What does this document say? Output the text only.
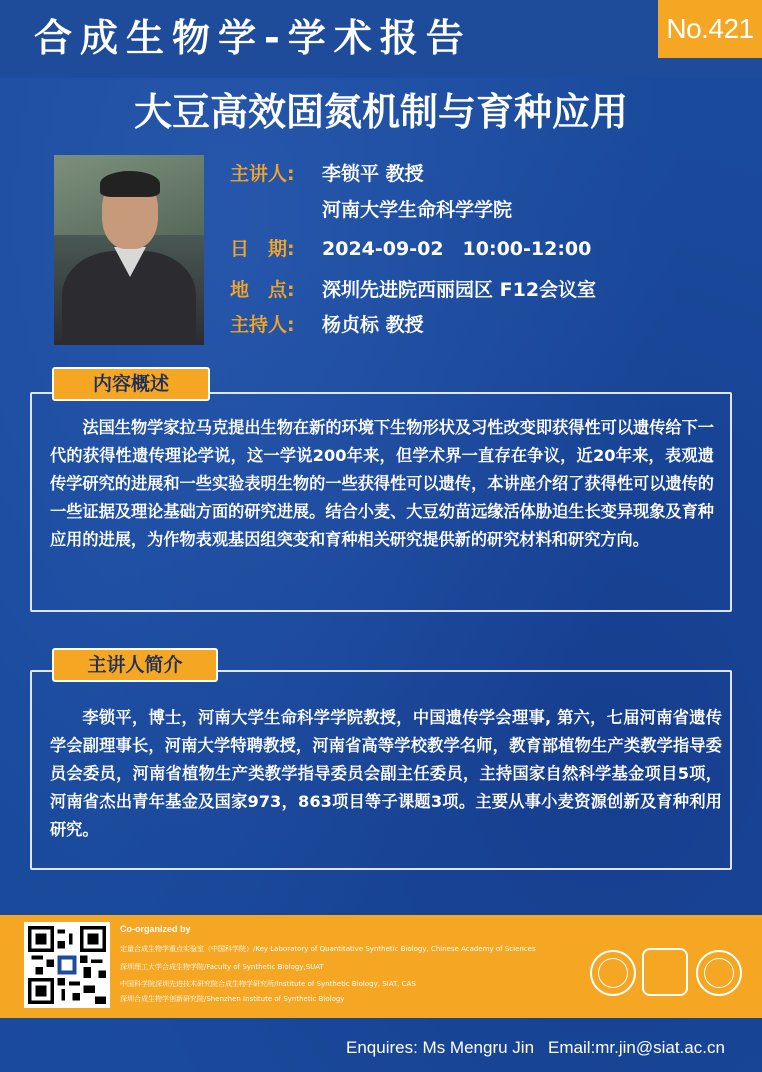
合成生物学-学术报告	No.421
大豆高效固氮机制与育种应用
主讲人: 李锁平 教授
河南大学生命科学学院
日　期: 2024-09-02　10:00-12:00
地　点: 深圳先进院西丽园区 F12会议室
主持人: 杨贞标 教授
内容概述
法国生物学家拉马克提出生物在新的环境下生物形状及习性改变即获得性可以遗传给下一代的获得性遗传理论学说，这一学说200年来，但学术界一直存在争议，近20年来，表观遗传学研究的进展和一些实验表明生物的一些获得性可以遗传，本讲座介绍了获得性可以遗传的一些证据及理论基础方面的研究进展。结合小麦、大豆幼苗远缘活体胁迫生长变异现象及育种应用的进展，为作物表观基因组突变和育种相关研究提供新的研究材料和研究方向。
主讲人简介
李锁平，博士，河南大学生命科学学院教授，中国遗传学会理事, 第六，七届河南省遗传学会副理事长，河南大学特聘教授，河南省高等学校教学名师，教育部植物生产类教学指导委员会委员，河南省植物生产类教学指导委员会副主任委员，主持国家自然科学基金项目5项，河南省杰出青年基金及国家973，863项目等子课题3项。主要从事小麦资源创新及育种利用研究。
Co-organized by
定量合成生物学重点实验室（中国科学院）/Key Laboratory of Quantitative Synthetic Biology, Chinese Academy of Sciences
深圳理工大学合成生物学院/Faculty of Synthetic Biology,SUAT
中国科学院深圳先进技术研究院合成生物学研究所/Institute of Synthetic Biology, SIAT, CAS
深圳合成生物学创新研究院/Shenzhen Institute of Synthetic Biology
Enquires: Ms Mengru Jin Email:mr.jin@siat.ac.cn
